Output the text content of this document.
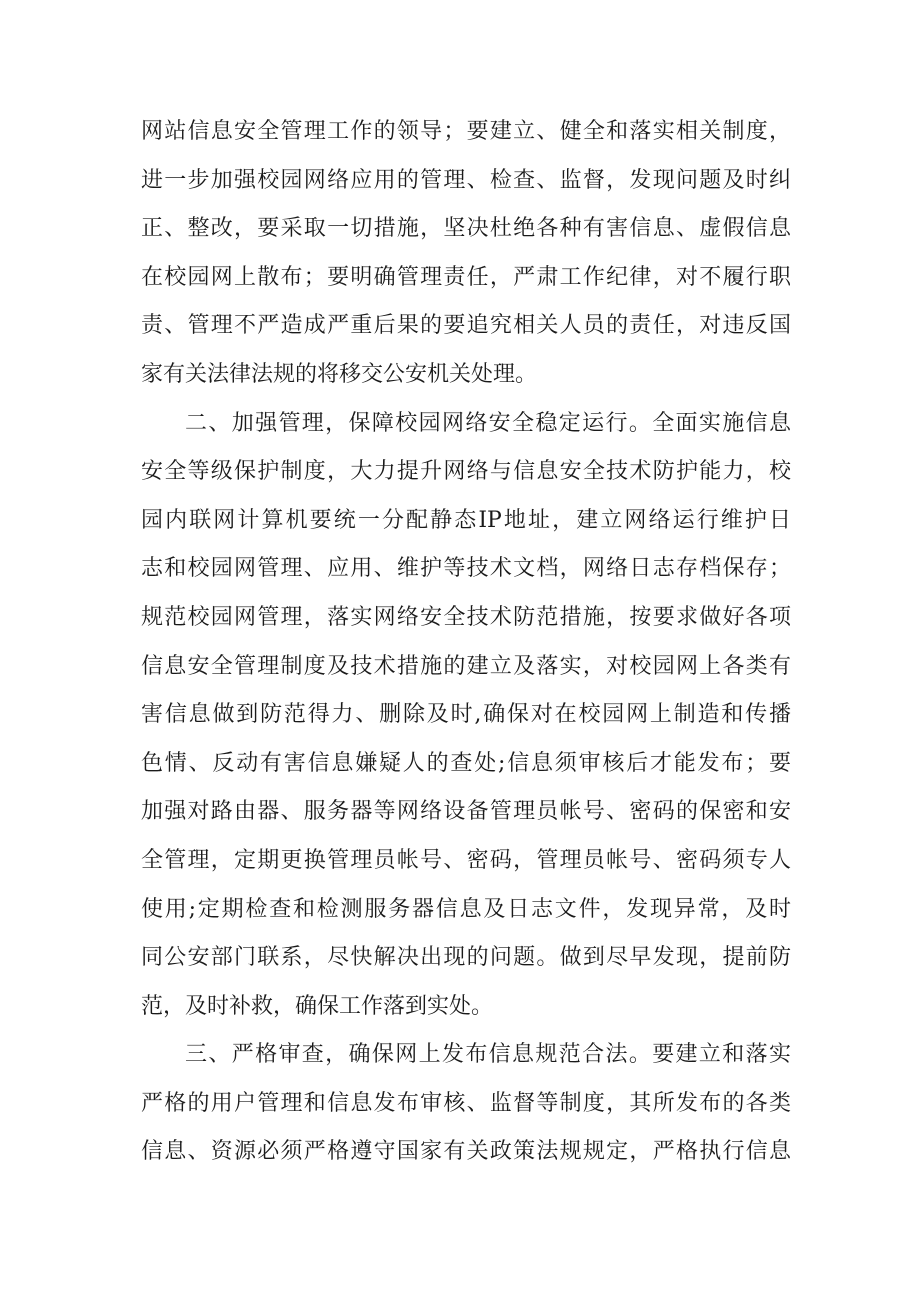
网站信息安全管理工作的领导；要建立、健全和落实相关制度，
进一步加强校园网络应用的管理、检查、监督，发现问题及时纠
正、整改，要采取一切措施，坚决杜绝各种有害信息、虚假信息
在校园网上散布；要明确管理责任，严肃工作纪律，对不履行职
责、管理不严造成严重后果的要追究相关人员的责任，对违反国
家有关法律法规的将移交公安机关处理。
二、加强管理，保障校园网络安全稳定运行。全面实施信息
安全等级保护制度，大力提升网络与信息安全技术防护能力，校
园内联网计算机要统一分配静态IP地址，建立网络运行维护日
志和校园网管理、应用、维护等技术文档，网络日志存档保存；
规范校园网管理，落实网络安全技术防范措施，按要求做好各项
信息安全管理制度及技术措施的建立及落实，对校园网上各类有
害信息做到防范得力、删除及时,确保对在校园网上制造和传播
色情、反动有害信息嫌疑人的查处;信息须审核后才能发布；要
加强对路由器、服务器等网络设备管理员帐号、密码的保密和安
全管理，定期更换管理员帐号、密码，管理员帐号、密码须专人
使用;定期检查和检测服务器信息及日志文件，发现异常，及时
同公安部门联系，尽快解决出现的问题。做到尽早发现，提前防
范，及时补救，确保工作落到实处。
三、严格审查，确保网上发布信息规范合法。要建立和落实
严格的用户管理和信息发布审核、监督等制度，其所发布的各类
信息、资源必须严格遵守国家有关政策法规规定，严格执行信息
